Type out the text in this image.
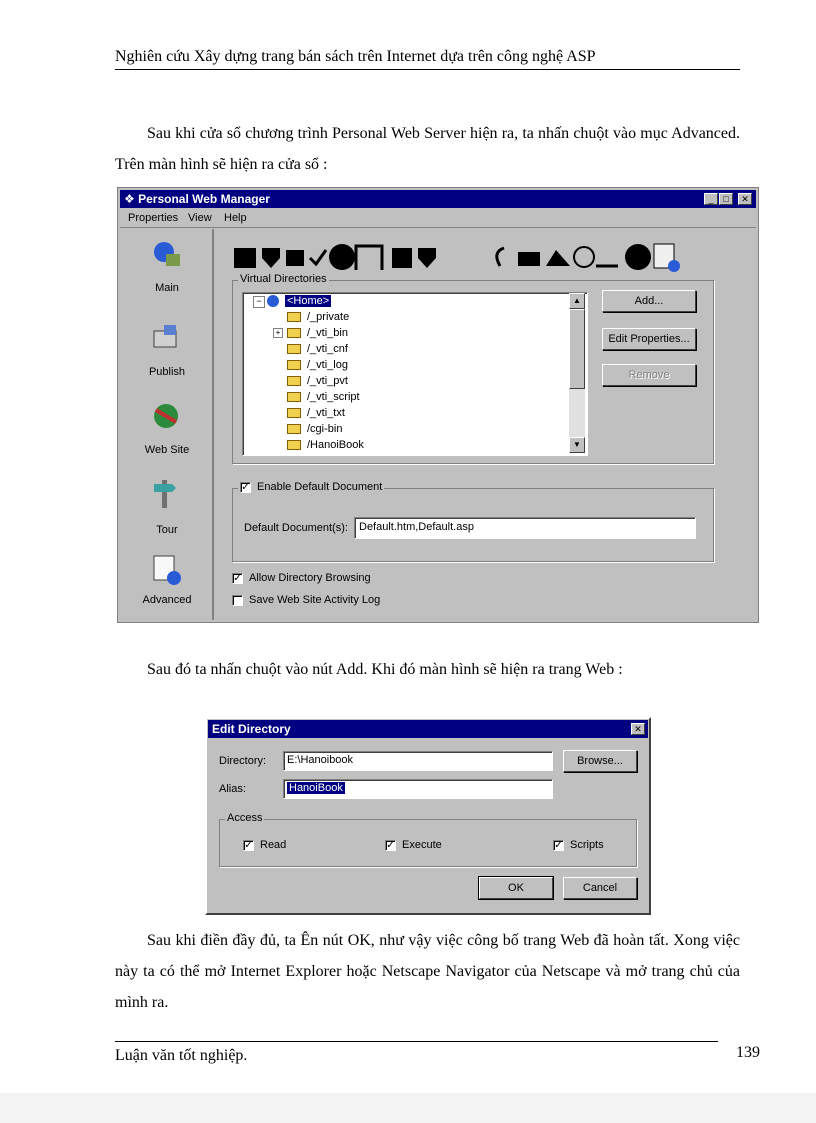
Nghiên cứu Xây dựng trang bán sách trên Internet dựa trên công nghệ ASP

Sau khi cửa sổ chương trình Personal Web Server hiện ra, ta nhấn chuột vào mục Advanced. Trên màn hình sẽ hiện ra cửa sổ :

❖ Personal Web Manager	_	□	✕
Properties View Help
Main
Publish
Web Site
Tour
Advanced
Virtual Directories
−	<Home>
/_private
+ /_vti_bin
/_vti_cnf
/_vti_log
/_vti_pvt
/_vti_script
/_vti_txt
/cgi-bin
/HanoiBook
▲
▼
Add...
Edit Properties...
Remove
✓ Enable Default Document
Default Document(s):	Default.htm,Default.asp
✓ Allow Directory Browsing
Save Web Site Activity Log

Sau đó ta nhấn chuột vào nút Add. Khi đó màn hình sẽ hiện ra trang Web :

Edit Directory	✕
Directory:	E:\Hanoibook	Browse...
Alias:	HanoiBook
Access
✓ Read	✓ Execute	✓ Scripts
OK	Cancel

Sau khi điền đầy đủ, ta Ên nút OK, như vậy việc công bố trang Web đã hoàn tất. Xong việc này ta có thể mở Internet Explorer hoặc Netscape Navigator của Netscape và mở trang chủ của mình ra.

Luận văn tốt nghiệp.	139
